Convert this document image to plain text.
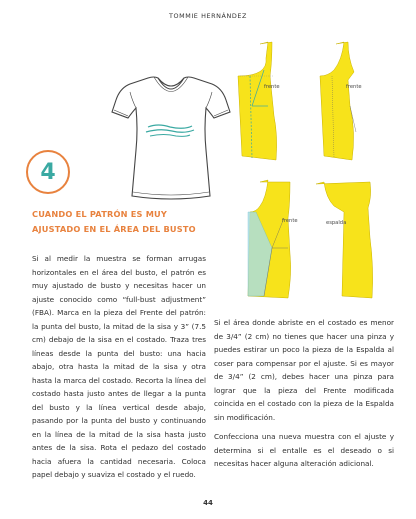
TOMMIE HERNÁNDEZ
4
CUANDO EL PATRÓN ES MUY
AJUSTADO EN EL ÁREA DEL BUSTO

Si al medir la muestra se forman arrugas horizontales en el área del busto, el patrón es muy ajustado de busto y necesitas hacer un ajuste conocido como “full-bust adjustment” (FBA). Marca en la pieza del Frente del patrón: la punta del busto, la mitad de la sisa y 3” (7.5 cm) debajo de la sisa en el costado. Traza tres líneas desde la punta del busto: una hacia abajo, otra hasta la mitad de la sisa y otra hasta la marca del costado. Recorta la línea del costado hasta justo antes de llegar a la punta del busto y la línea vertical desde abajo, pasando por la punta del busto y continuando en la línea de la mitad de la sisa hasta justo antes de la sisa. Rota el pedazo del costado hacia afuera la cantidad necesaria. Coloca papel debajo y suaviza el costado y el ruedo.

frente	frente
frente	espalda

Si el área donde abriste en el costado es menor de 3/4” (2 cm) no tienes que hacer una pinza y puedes estirar un poco la pieza de la Espalda al coser para compensar por el ajuste. Si es mayor de 3/4” (2 cm), debes hacer una pinza para lograr que la pieza del Frente modificada coincida en el costado con la pieza de la Espalda sin modificación.

Confecciona una nueva muestra con el ajuste y determina si el entalle es el deseado o si necesitas hacer alguna alteración adicional.

44
